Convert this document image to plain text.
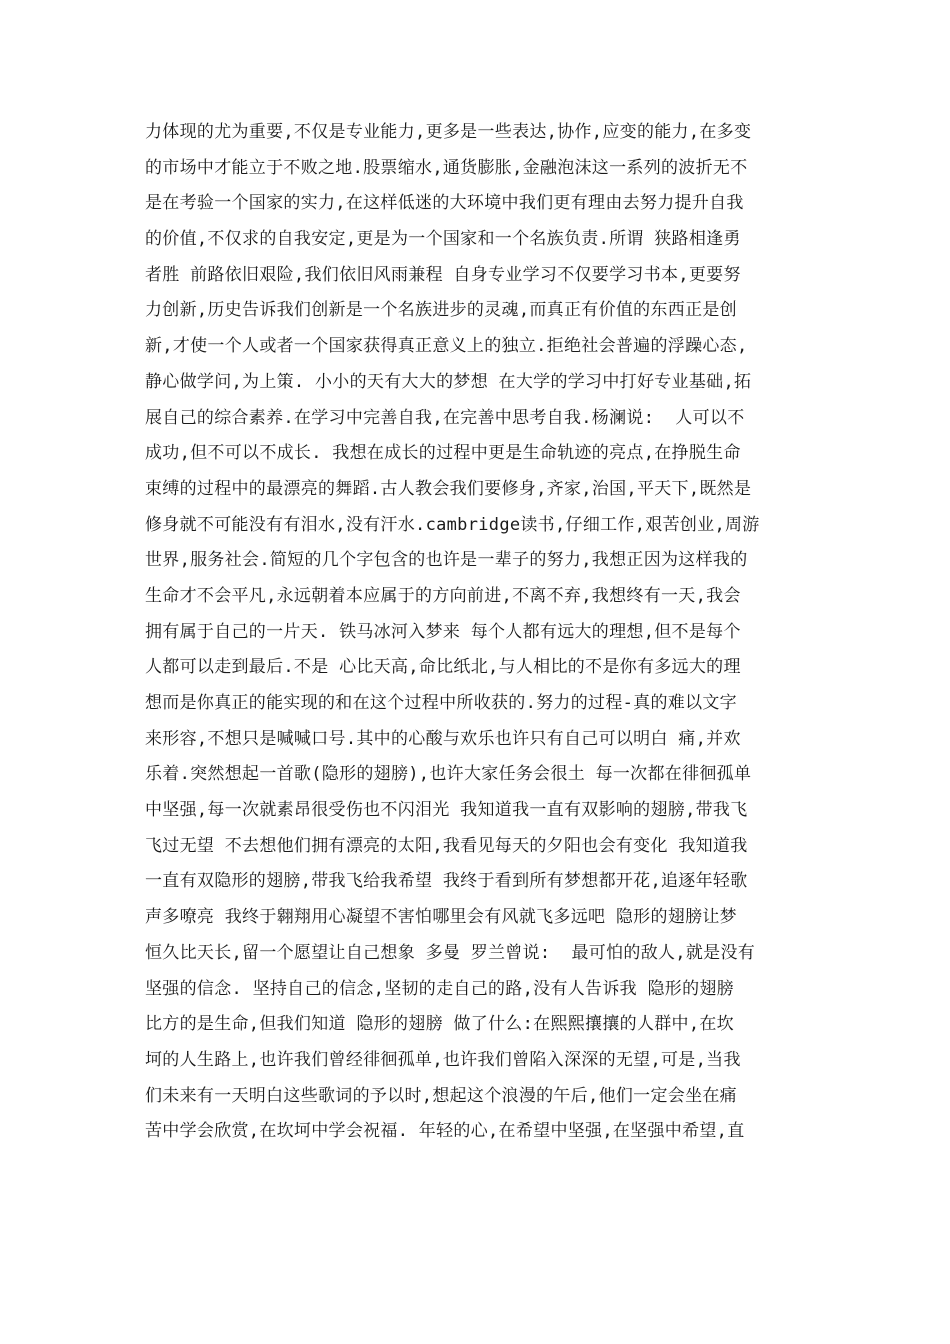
力体现的尤为重要,不仅是专业能力,更多是一些表达,协作,应变的能力,在多变
的市场中才能立于不败之地.股票缩水,通货膨胀,金融泡沫这一系列的波折无不
是在考验一个国家的实力,在这样低迷的大环境中我们更有理由去努力提升自我
的价值,不仅求的自我安定,更是为一个国家和一个名族负责.所谓 狭路相逢勇
者胜 前路依旧艰险,我们依旧风雨兼程 自身专业学习不仅要学习书本,更要努
力创新,历史告诉我们创新是一个名族进步的灵魂,而真正有价值的东西正是创
新,才使一个人或者一个国家获得真正意义上的独立.拒绝社会普遍的浮躁心态,
静心做学问,为上策. 小小的天有大大的梦想 在大学的学习中打好专业基础,拓
展自己的综合素养.在学习中完善自我,在完善中思考自我.杨澜说:  人可以不
成功,但不可以不成长. 我想在成长的过程中更是生命轨迹的亮点,在挣脱生命
束缚的过程中的最漂亮的舞蹈.古人教会我们要修身,齐家,治国,平天下,既然是
修身就不可能没有有泪水,没有汗水.cambridge读书,仔细工作,艰苦创业,周游
世界,服务社会.简短的几个字包含的也许是一辈子的努力,我想正因为这样我的
生命才不会平凡,永远朝着本应属于的方向前进,不离不弃,我想终有一天,我会
拥有属于自己的一片天. 铁马冰河入梦来 每个人都有远大的理想,但不是每个
人都可以走到最后.不是 心比天高,命比纸北,与人相比的不是你有多远大的理
想而是你真正的能实现的和在这个过程中所收获的.努力的过程-真的难以文字
来形容,不想只是喊喊口号.其中的心酸与欢乐也许只有自己可以明白 痛,并欢
乐着.突然想起一首歌(隐形的翅膀),也许大家任务会很土 每一次都在徘徊孤单
中坚强,每一次就素昂很受伤也不闪泪光 我知道我一直有双影响的翅膀,带我飞
飞过无望 不去想他们拥有漂亮的太阳,我看见每天的夕阳也会有变化 我知道我
一直有双隐形的翅膀,带我飞给我希望 我终于看到所有梦想都开花,追逐年轻歌
声多嘹亮 我终于翱翔用心凝望不害怕哪里会有风就飞多远吧 隐形的翅膀让梦
恒久比天长,留一个愿望让自己想象 多曼 罗兰曾说:  最可怕的敌人,就是没有
坚强的信念. 坚持自己的信念,坚韧的走自己的路,没有人告诉我 隐形的翅膀
比方的是生命,但我们知道 隐形的翅膀 做了什么:在熙熙攘攘的人群中,在坎
坷的人生路上,也许我们曾经徘徊孤单,也许我们曾陷入深深的无望,可是,当我
们未来有一天明白这些歌词的予以时,想起这个浪漫的午后,他们一定会坐在痛
苦中学会欣赏,在坎坷中学会祝福. 年轻的心,在希望中坚强,在坚强中希望,直
